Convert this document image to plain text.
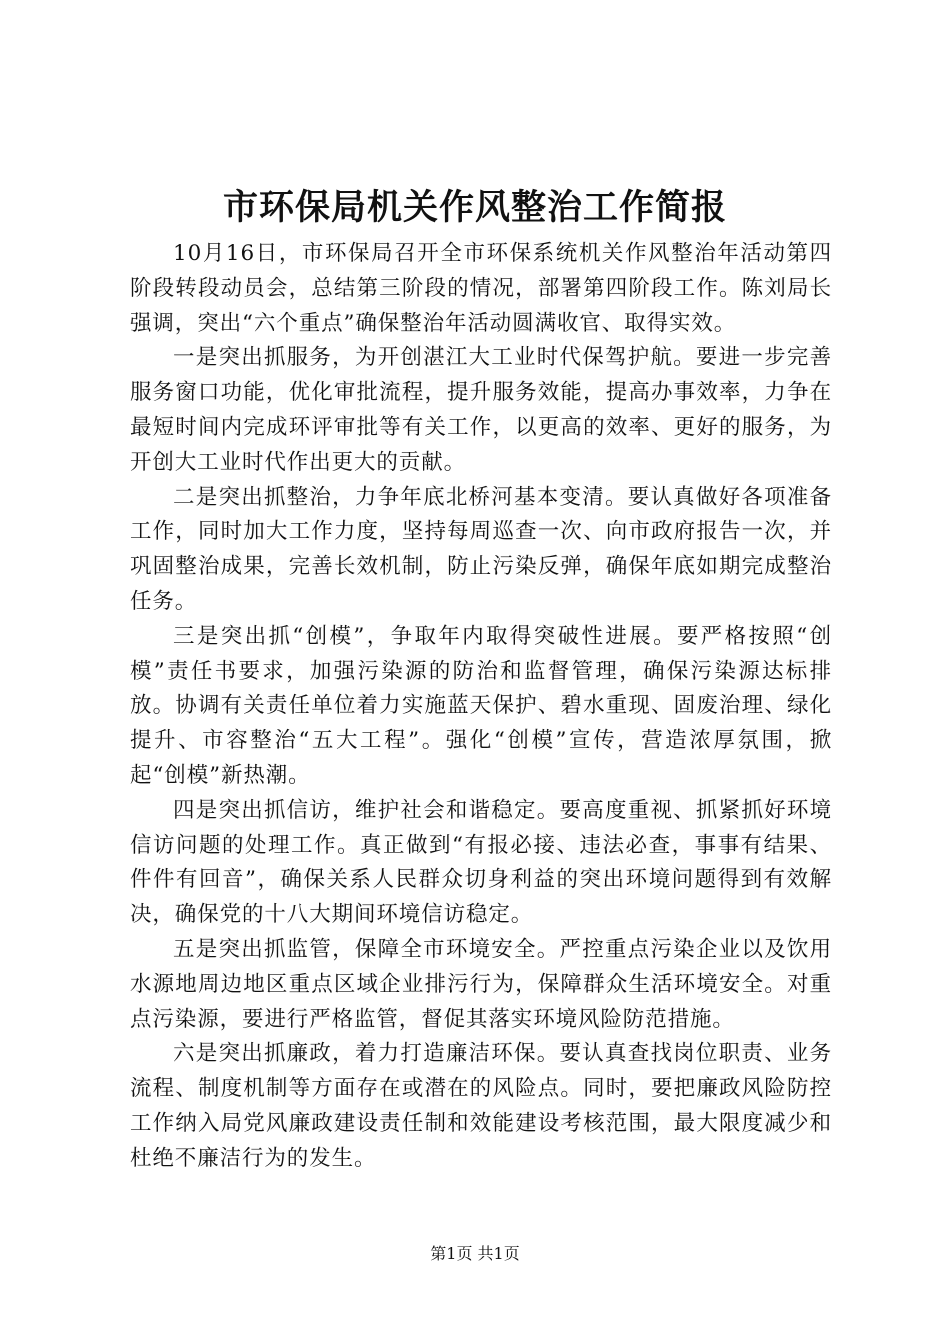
市环保局机关作风整治工作简报

10月16日，市环保局召开全市环保系统机关作风整治年活动第四阶段转段动员会，总结第三阶段的情况，部署第四阶段工作。陈刘局长强调，突出“六个重点”确保整治年活动圆满收官、取得实效。

一是突出抓服务，为开创湛江大工业时代保驾护航。要进一步完善服务窗口功能，优化审批流程，提升服务效能，提高办事效率，力争在最短时间内完成环评审批等有关工作，以更高的效率、更好的服务，为开创大工业时代作出更大的贡献。

二是突出抓整治，力争年底北桥河基本变清。要认真做好各项准备工作，同时加大工作力度，坚持每周巡查一次、向市政府报告一次，并巩固整治成果，完善长效机制，防止污染反弹，确保年底如期完成整治任务。

三是突出抓“创模”，争取年内取得突破性进展。要严格按照“创模”责任书要求，加强污染源的防治和监督管理，确保污染源达标排放。协调有关责任单位着力实施蓝天保护、碧水重现、固废治理、绿化提升、市容整治“五大工程”。强化“创模”宣传，营造浓厚氛围，掀起“创模”新热潮。

四是突出抓信访，维护社会和谐稳定。要高度重视、抓紧抓好环境信访问题的处理工作。真正做到“有报必接、违法必查，事事有结果、件件有回音”，确保关系人民群众切身利益的突出环境问题得到有效解决，确保党的十八大期间环境信访稳定。

五是突出抓监管，保障全市环境安全。严控重点污染企业以及饮用水源地周边地区重点区域企业排污行为，保障群众生活环境安全。对重点污染源，要进行严格监管，督促其落实环境风险防范措施。

六是突出抓廉政，着力打造廉洁环保。要认真查找岗位职责、业务流程、制度机制等方面存在或潜在的风险点。同时，要把廉政风险防控工作纳入局党风廉政建设责任制和效能建设考核范围，最大限度减少和杜绝不廉洁行为的发生。

第1页 共1页
